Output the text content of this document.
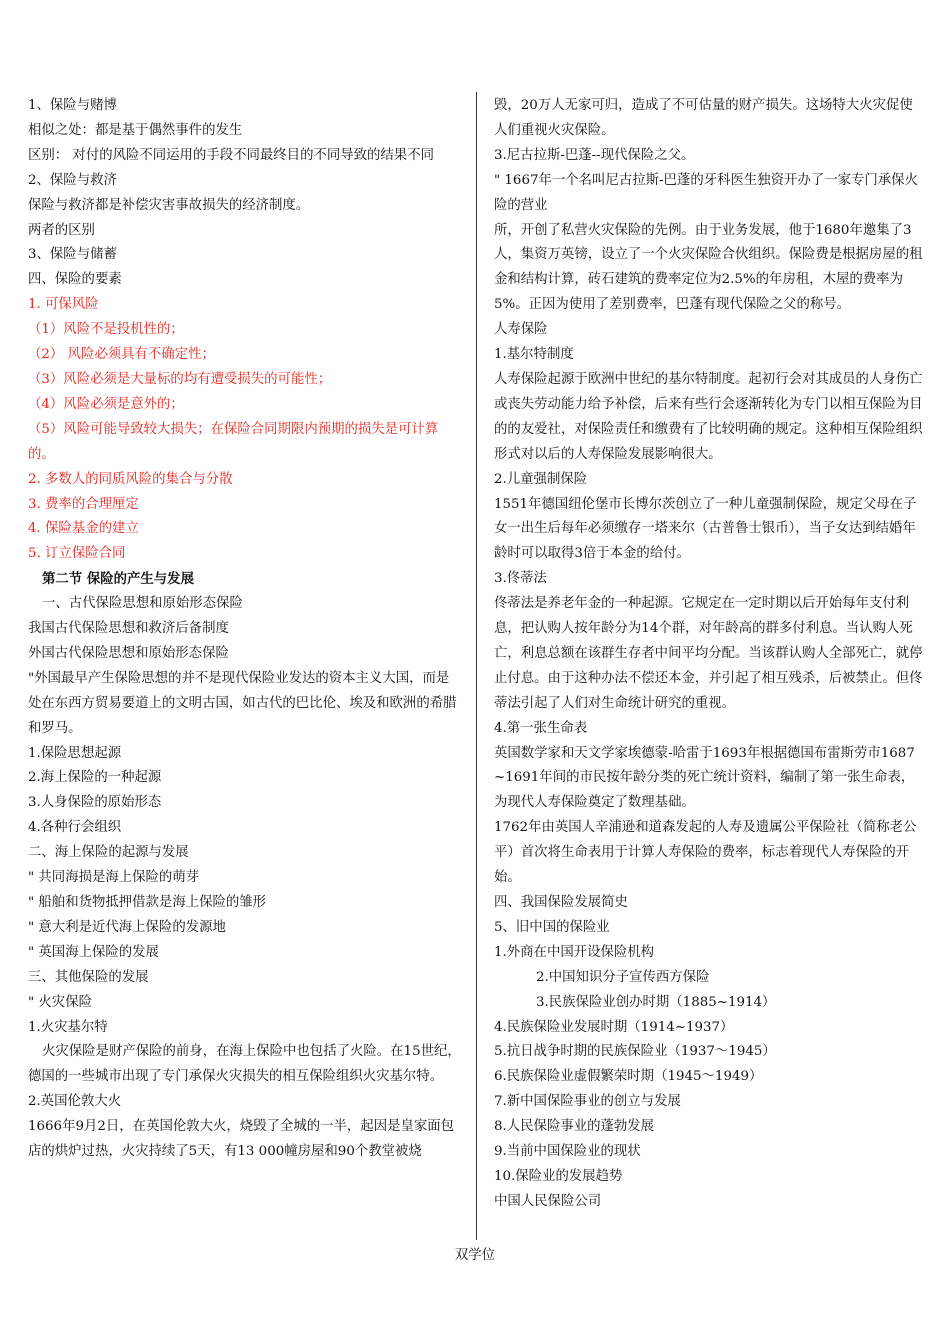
1、保险与赌博
相似之处：都是基于偶然事件的发生
区别： 对付的风险不同运用的手段不同最终目的不同导致的结果不同
2、保险与救济
保险与救济都是补偿灾害事故损失的经济制度。
两者的区别
3、保险与储蓄
四、保险的要素
1. 可保风险
（1）风险不是投机性的；
（2） 风险必须具有不确定性；
（3）风险必须是大量标的均有遭受损失的可能性；
（4）风险必须是意外的；
（5）风险可能导致较大损失；在保险合同期限内预期的损失是可计算的。
2. 多数人的同质风险的集合与分散
3. 费率的合理厘定
4. 保险基金的建立
5. 订立保险合同
第二节 保险的产生与发展
一、古代保险思想和原始形态保险
我国古代保险思想和救济后备制度
外国古代保险思想和原始形态保险
"外国最早产生保险思想的并不是现代保险业发达的资本主义大国，而是处在东西方贸易要道上的文明古国，如古代的巴比伦、埃及和欧洲的希腊和罗马。
1.保险思想起源
2.海上保险的一种起源
3.人身保险的原始形态
4.各种行会组织
二、海上保险的起源与发展
" 共同海损是海上保险的萌芽
" 船舶和货物抵押借款是海上保险的雏形
" 意大利是近代海上保险的发源地
" 英国海上保险的发展
三、其他保险的发展
" 火灾保险
1.火灾基尔特
火灾保险是财产保险的前身，在海上保险中也包括了火险。在15世纪，德国的一些城市出现了专门承保火灾损失的相互保险组织火灾基尔特。
2.英国伦敦大火
1666年9月2日，在英国伦敦大火，烧毁了全城的一半，起因是皇家面包店的烘炉过热，火灾持续了5天，有13 000幢房屋和90个教堂被烧
毁，20万人无家可归，造成了不可估量的财产损失。这场特大火灾促使人们重视火灾保险。
3.尼古拉斯-巴蓬--现代保险之父。
" 1667年一个名叫尼古拉斯-巴蓬的牙科医生独资开办了一家专门承保火险的营业
所，开创了私营火灾保险的先例。由于业务发展，他于1680年邀集了3人，集资万英镑，设立了一个火灾保险合伙组织。保险费是根据房屋的租金和结构计算，砖石建筑的费率定位为2.5%的年房租，木屋的费率为5%。正因为使用了差别费率，巴蓬有现代保险之父的称号。
人寿保险
1.基尔特制度
人寿保险起源于欧洲中世纪的基尔特制度。起初行会对其成员的人身伤亡或丧失劳动能力给予补偿，后来有些行会逐渐转化为专门以相互保险为目的的友爱社，对保险责任和缴费有了比较明确的规定。这种相互保险组织形式对以后的人寿保险发展影响很大。
2.儿童强制保险
1551年德国纽伦堡市长博尔茨创立了一种儿童强制保险，规定父母在子女一出生后每年必须缴存一塔来尔（古普鲁士银币），当子女达到结婚年龄时可以取得3倍于本金的给付。
3.佟蒂法
佟蒂法是养老年金的一种起源。它规定在一定时期以后开始每年支付利息，把认购人按年龄分为14个群，对年龄高的群多付利息。当认购人死亡，利息总额在该群生存者中间平均分配。当该群认购人全部死亡，就停止付息。由于这种办法不偿还本金，并引起了相互残杀，后被禁止。但佟蒂法引起了人们对生命统计研究的重视。
4.第一张生命表
英国数学家和天文学家埃德蒙-哈雷于1693年根据德国布雷斯劳市1687~1691年间的市民按年龄分类的死亡统计资料，编制了第一张生命表，为现代人寿保险奠定了数理基础。
1762年由英国人辛浦逊和道森发起的人寿及遗属公平保险社（简称老公平）首次将生命表用于计算人寿保险的费率，标志着现代人寿保险的开始。
四、我国保险发展简史
5、旧中国的保险业
1.外商在中国开设保险机构
2.中国知识分子宣传西方保险
3.民族保险业创办时期（1885~1914）
4.民族保险业发展时期（1914~1937）
5.抗日战争时期的民族保险业（1937～1945）
6.民族保险业虚假繁荣时期（1945～1949）
7.新中国保险事业的创立与发展
8.人民保险事业的蓬勃发展
9.当前中国保险业的现状
10.保险业的发展趋势
中国人民保险公司
双学位
